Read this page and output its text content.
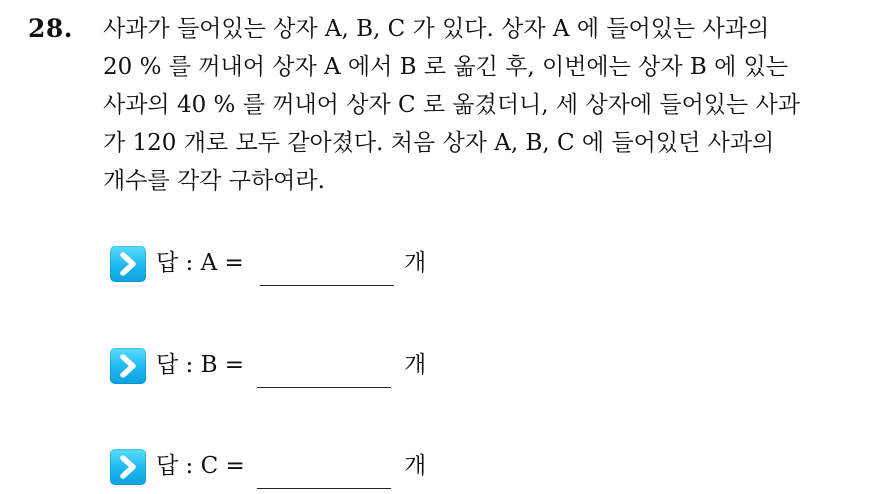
28. 사과가 들어있는 상자 A, B, C 가 있다. 상자 A 에 들어있는 사과의
20 % 를 꺼내어 상자 A 에서 B 로 옮긴 후, 이번에는 상자 B 에 있는
사과의 40 % 를 꺼내어 상자 C 로 옮겼더니, 세 상자에 들어있는 사과
가 120 개로 모두 같아졌다. 처음 상자 A, B, C 에 들어있던 사과의
개수를 각각 구하여라.
답 : A =	개
답 : B =	개
답 : C =	개
